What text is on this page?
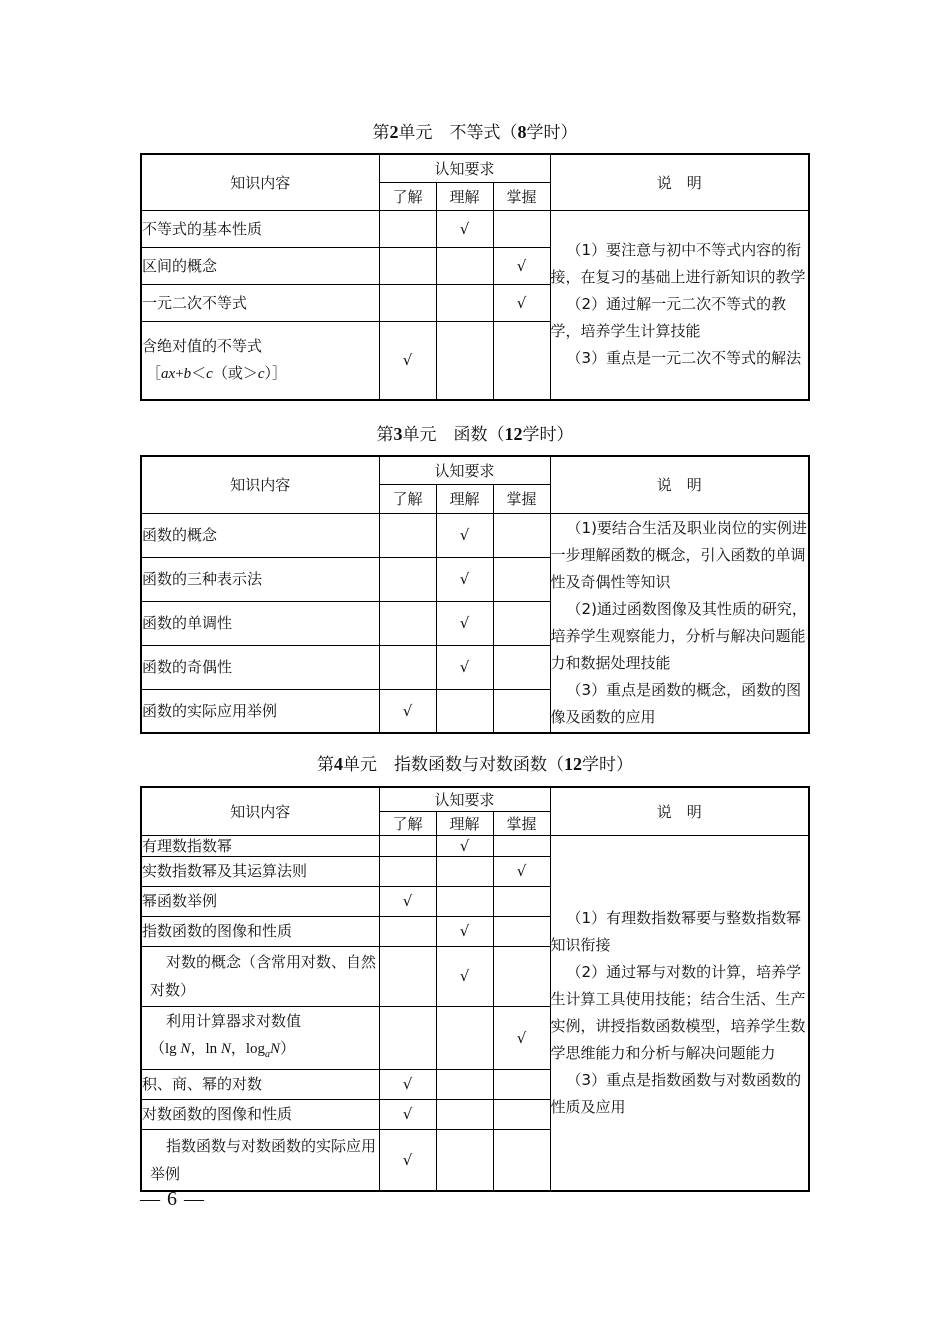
第2单元　不等式（8学时）
知识内容	认知要求			说　明
	了解	理解	掌握	
不等式的基本性质		√		（1）要注意与初中不等式内容的衔接，在复习的基础上进行新知识的教学

（2）通过解一元二次不等式的教学，培养学生计算技能

（3）重点是一元二次不等式的解法

区间的概念			√	
一元二次不等式			√	

含绝对值的不等式
［ax+b＜c（或＞c）］	√			
第3单元　函数（12学时）
知识内容	认知要求			说　明
	了解	理解	掌握	
函数的概念		√		（1)要结合生活及职业岗位的实例进一步理解函数的概念，引入函数的单调性及奇偶性等知识

（2)通过函数图像及其性质的研究，培养学生观察能力，分析与解决问题能力和数据处理技能

（3）重点是函数的概念，函数的图像及函数的应用

函数的三种表示法		√		
函数的单调性		√		
函数的奇偶性		√		
函数的实际应用举例	√			
第4单元　指数函数与对数函数（12学时）
知识内容	认知要求			说　明
	了解	理解	掌握	
有理数指数幂		√		（1）有理数指数幂要与整数指数幂知识衔接

（2）通过幂与对数的计算，培养学生计算工具使用技能；结合生活、生产实例，讲授指数函数模型，培养学生数学思维能力和分析与解决问题能力

（3）重点是指数函数与对数函数的性质及应用

实数指数幂及其运算法则			√	
幂函数举例	√			
指数函数的图像和性质		√		
对数的概念（含常用对数、自然对数）		√		

利用计算器求对数值
（lg N，ln N，$\log_aN$）			√	
积、商、幂的对数	√			
对数函数的图像和性质	√			
指数函数与对数函数的实际应用举例	√			
— 6 —
